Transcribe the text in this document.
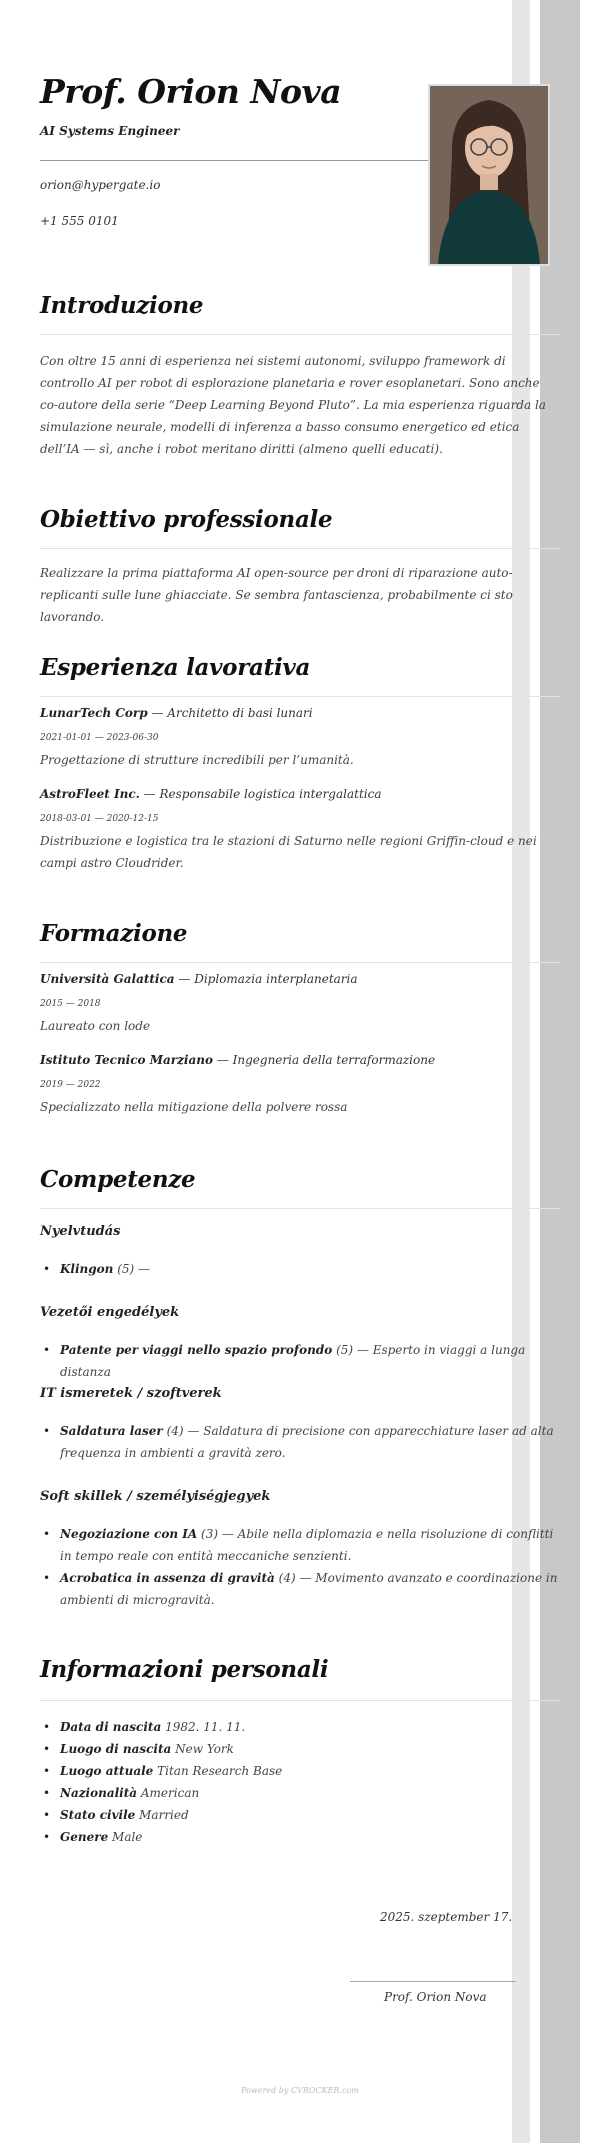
Prof. Orion Nova
AI Systems Engineer
orion@hypergate.io
+1 555 0101
Introduzione
Con oltre 15 anni di esperienza nei sistemi autonomi, sviluppo framework di controllo AI per robot di esplorazione planetaria e rover esoplanetari. Sono anche co-autore della serie “Deep Learning Beyond Pluto”. La mia esperienza riguarda la simulazione neurale, modelli di inferenza a basso consumo energetico ed etica dell’IA — sì, anche i robot meritano diritti (almeno quelli educati).
Obiettivo professionale
Realizzare la prima piattaforma AI open-source per droni di riparazione auto-replicanti sulle lune ghiacciate. Se sembra fantascienza, probabilmente ci sto lavorando.
Esperienza lavorativa
LunarTech Corp — Architetto di basi lunari
2021-01-01 — 2023-06-30
Progettazione di strutture incredibili per l’umanità.
AstroFleet Inc. — Responsabile logistica intergalattica
2018-03-01 — 2020-12-15
Distribuzione e logistica tra le stazioni di Saturno nelle regioni Griffin-cloud e nei campi astro Cloudrider.
Formazione
Università Galattica — Diplomazia interplanetaria
2015 — 2018
Laureato con lode
Istituto Tecnico Marziano — Ingegneria della terraformazione
2019 — 2022
Specializzato nella mitigazione della polvere rossa
Competenze
Nyelvtudás
• Klingon (5) —
Vezetői engedélyek
• Patente per viaggi nello spazio profondo (5) — Esperto in viaggi a lunga distanza
IT ismeretek / szoftverek
• Saldatura laser (4) — Saldatura di precisione con apparecchiature laser ad alta frequenza in ambienti a gravità zero.
Soft skillek / személyiségjegyek
• Negoziazione con IA (3) — Abile nella diplomazia e nella risoluzione di conflitti in tempo reale con entità meccaniche senzienti.
• Acrobatica in assenza di gravità (4) — Movimento avanzato e coordinazione in ambienti di microgravità.
Informazioni personali
• Data di nascita 1982. 11. 11.
• Luogo di nascita New York
• Luogo attuale Titan Research Base
• Nazionalità American
• Stato civile Married
• Genere Male
2025. szeptember 17.
______________________________
Prof. Orion Nova
Powered by CVROCKER.com
